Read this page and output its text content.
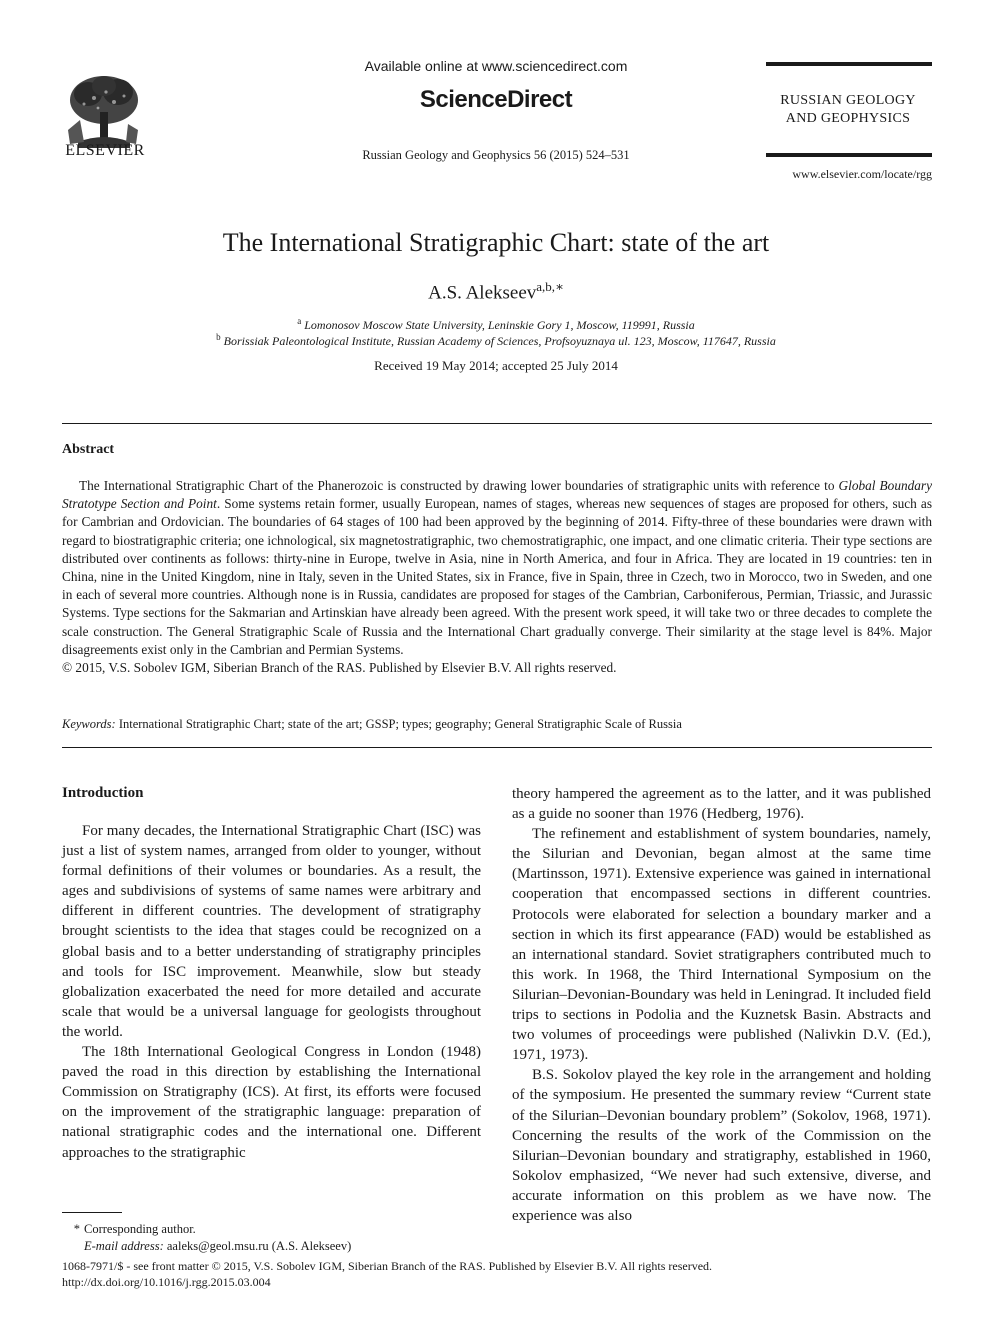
ELSEVIER
Available online at www.sciencedirect.com
ScienceDirect
Russian Geology and Geophysics 56 (2015) 524–531
RUSSIAN GEOLOGY
AND GEOPHYSICS
www.elsevier.com/locate/rgg
The International Stratigraphic Chart: state of the art
A.S. Alekseev$^{a,b,∗}$
$^a$ Lomonosov Moscow State University, Leninskie Gory 1, Moscow, 119991, Russia
$^b$ Borissiak Paleontological Institute, Russian Academy of Sciences, Profsoyuznaya ul. 123, Moscow, 117647, Russia
Received 19 May 2014; accepted 25 July 2014
Abstract

The International Stratigraphic Chart of the Phanerozoic is constructed by drawing lower boundaries of stratigraphic units with reference to Global Boundary Stratotype Section and Point. Some systems retain former, usually European, names of stages, whereas new sequences of stages are proposed for others, such as for Cambrian and Ordovician. The boundaries of 64 stages of 100 had been approved by the beginning of 2014. Fifty-three of these boundaries were drawn with regard to biostratigraphic criteria; one ichnological, six magnetostratigraphic, two chemostratigraphic, one impact, and one climatic criteria. Their type sections are distributed over continents as follows: thirty-nine in Europe, twelve in Asia, nine in North America, and four in Africa. They are located in 19 countries: ten in China, nine in the United Kingdom, nine in Italy, seven in the United States, six in France, five in Spain, three in Czech, two in Morocco, two in Sweden, and one in each of several more countries. Although none is in Russia, candidates are proposed for stages of the Cambrian, Carboniferous, Permian, Triassic, and Jurassic Systems. Type sections for the Sakmarian and Artinskian have already been agreed. With the present work speed, it will take two or three decades to complete the scale construction. The General Stratigraphic Scale of Russia and the International Chart gradually converge. Their similarity at the stage level is 84%. Major disagreements exist only in the Cambrian and Permian Systems.

© 2015, V.S. Sobolev IGM, Siberian Branch of the RAS. Published by Elsevier B.V. All rights reserved.

Keywords: International Stratigraphic Chart; state of the art; GSSP; types; geography; General Stratigraphic Scale of Russia
Introduction

For many decades, the International Stratigraphic Chart (ISC) was just a list of system names, arranged from older to younger, without formal definitions of their volumes or boundaries. As a result, the ages and subdivisions of systems of same names were arbitrary and different in different countries. The development of stratigraphy brought scientists to the idea that stages could be recognized on a global basis and to a better understanding of stratigraphy principles and tools for ISC improvement. Meanwhile, slow but steady globalization exacerbated the need for more detailed and accurate scale that would be a universal language for geologists throughout the world.

The 18th International Geological Congress in London (1948) paved the road in this direction by establishing the International Commission on Stratigraphy (ICS). At first, its efforts were focused on the improvement of the stratigraphic language: preparation of national stratigraphic codes and the international one. Different approaches to the stratigraphic

theory hampered the agreement as to the latter, and it was published as a guide no sooner than 1976 (Hedberg, 1976).

The refinement and establishment of system boundaries, namely, the Silurian and Devonian, began almost at the same time (Martinsson, 1971). Extensive experience was gained in international cooperation that encompassed sections in different countries. Protocols were elaborated for selection a boundary marker and a section in which its first appearance (FAD) would be established as an international standard. Soviet stratigraphers contributed much to this work. In 1968, the Third International Symposium on the Silurian–Devonian-Boundary was held in Leningrad. It included field trips to sections in Podolia and the Kuznetsk Basin. Abstracts and two volumes of proceedings were published (Nalivkin D.V. (Ed.), 1971, 1973).

B.S. Sokolov played the key role in the arrangement and holding of the symposium. He presented the summary review “Current state of the Silurian–Devonian boundary problem” (Sokolov, 1968, 1971). Concerning the results of the work of the Commission on the Silurian–Devonian boundary and stratigraphy, established in 1960, Sokolov emphasized, “We never had such extensive, diverse, and accurate information on this problem as we have now. The experience was also

* Corresponding author.
E-mail address: aaleks@geol.msu.ru (A.S. Alekseev)
1068-7971/$ - see front matter © 2015, V.S. Sobolev IGM, Siberian Branch of the RAS. Published by Elsevier B.V. All rights reserved.
http://dx.doi.org/10.1016/j.rgg.2015.03.004
